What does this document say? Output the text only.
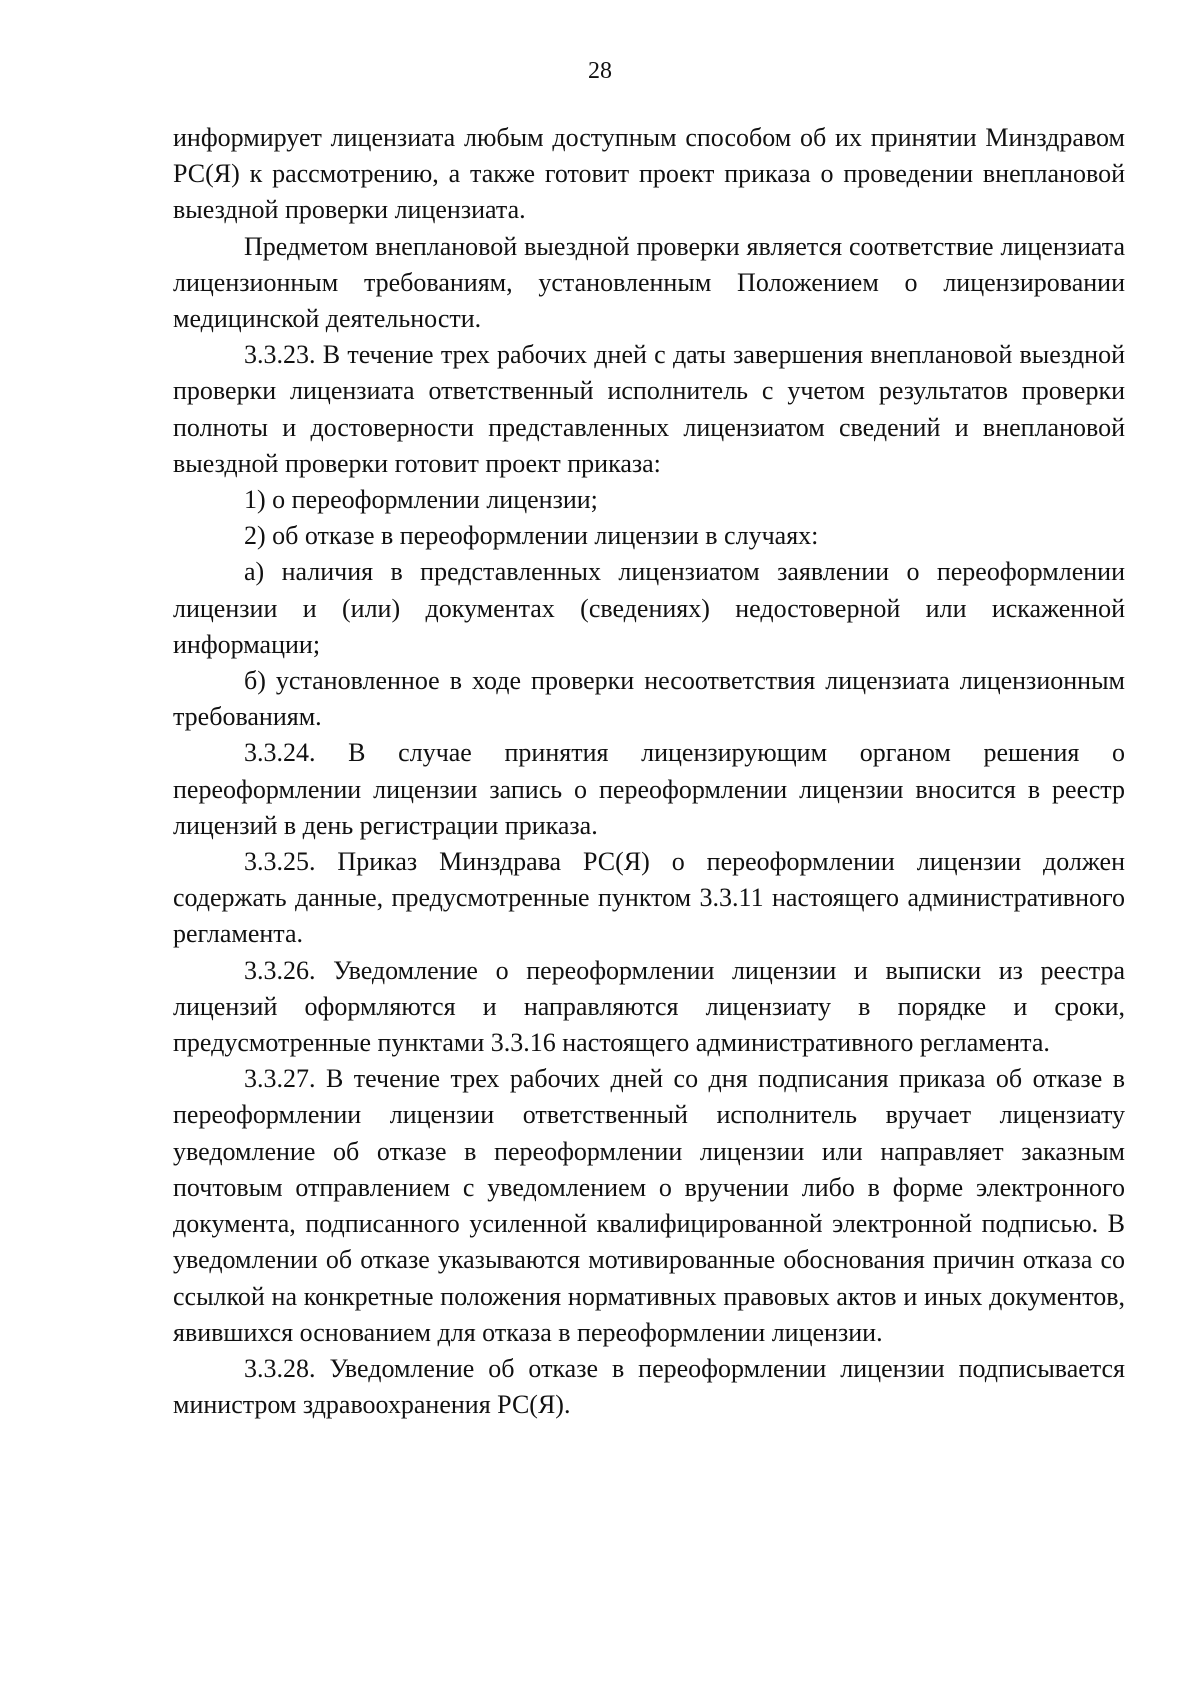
28

информирует лицензиата любым доступным способом об их принятии Минздравом РС(Я) к рассмотрению, а также готовит проект приказа о проведении внеплановой выездной проверки лицензиата.

Предметом внеплановой выездной проверки является соответствие лицензиата лицензионным требованиям, установленным Положением о лицензировании медицинской деятельности.

3.3.23. В течение трех рабочих дней с даты завершения внеплановой выездной проверки лицензиата ответственный исполнитель с учетом результатов проверки полноты и достоверности представленных лицензиатом сведений и внеплановой выездной проверки готовит проект приказа:

1) о переоформлении лицензии;

2) об отказе в переоформлении лицензии в случаях:

а) наличия в представленных лицензиатом заявлении о переоформлении лицензии и (или) документах (сведениях) недостоверной или искаженной информации;

б) установленное в ходе проверки несоответствия лицензиата лицензионным требованиям.

3.3.24. В случае принятия лицензирующим органом решения о переоформлении лицензии запись о переоформлении лицензии вносится в реестр лицензий в день регистрации приказа.

3.3.25. Приказ Минздрава РС(Я) о переоформлении лицензии должен содержать данные, предусмотренные пунктом 3.3.11 настоящего административного регламента.

3.3.26. Уведомление о переоформлении лицензии и выписки из реестра лицензий оформляются и направляются лицензиату в порядке и сроки, предусмотренные пунктами 3.3.16 настоящего административного регламента.

3.3.27. В течение трех рабочих дней со дня подписания приказа об отказе в переоформлении лицензии ответственный исполнитель вручает лицензиату уведомление об отказе в переоформлении лицензии или направляет заказным почтовым отправлением с уведомлением о вручении либо в форме электронного документа, подписанного усиленной квалифицированной электронной подписью. В уведомлении об отказе указываются мотивированные обоснования причин отказа со ссылкой на конкретные положения нормативных правовых актов и иных документов, явившихся основанием для отказа в переоформлении лицензии.

3.3.28. Уведомление об отказе в переоформлении лицензии подписывается министром здравоохранения РС(Я).
